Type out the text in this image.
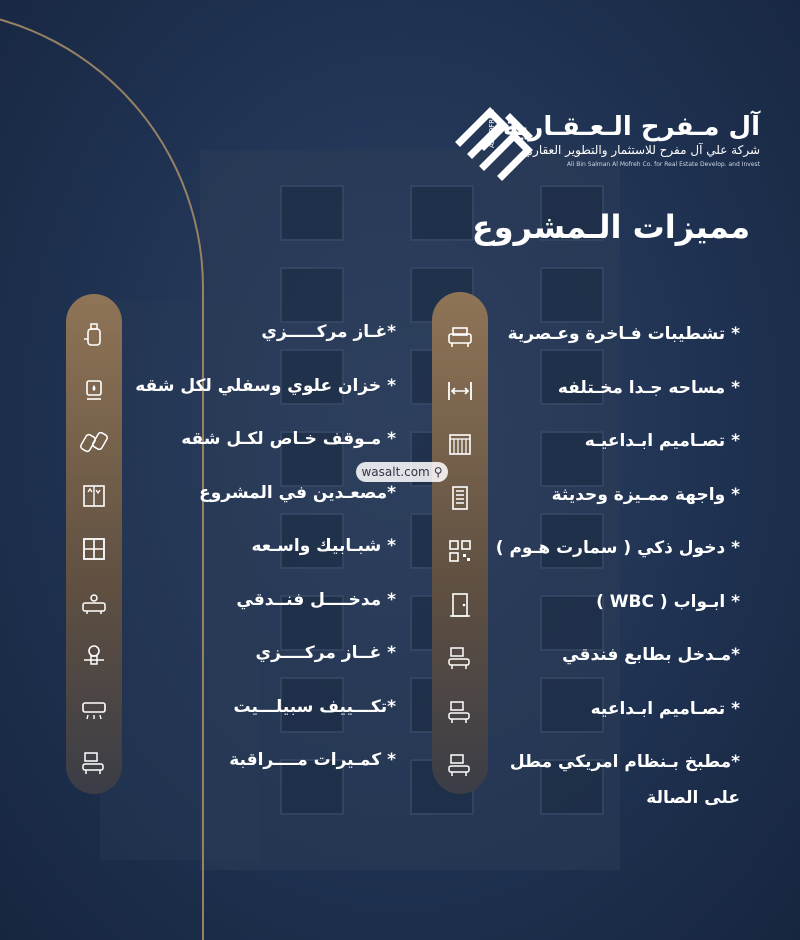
ALMOFREH آل مـفرح الـعـقـارية
شركة علي آل مفرح للاستثمار والتطوير العقاري
Ali Bin Salman Al Mofreh Co. for Real Estate Develop. and Invest
مميزات الـمشروع
wasalt.com ⚲
* تشطيبات فـاخرة وعـصرية
* مساحه جـدا مخـتلفه
* تصـاميم ابـداعيـه
* واجهة ممـيزة وحديثة
* دخول ذكي ( سمارت هـوم )
* ابـواب ( WBC )
*مـدخل بطابع فندقي
* تصـاميم ابـداعيه
*مطبخ بـنظام امريكي مطل
*غـاز مركـــــزي
* خزان علوي وسفلي لكل شقه
* مـوقف خـاص لكـل شقه
*مصعـدين في المشروع
* شبـابيك واسـعه
* مدخــــل فنــدقي
* غــاز مركــــزي
*تكـــييف سبيلـــيت
* كمـيرات مــــراقبة
على الصالة
